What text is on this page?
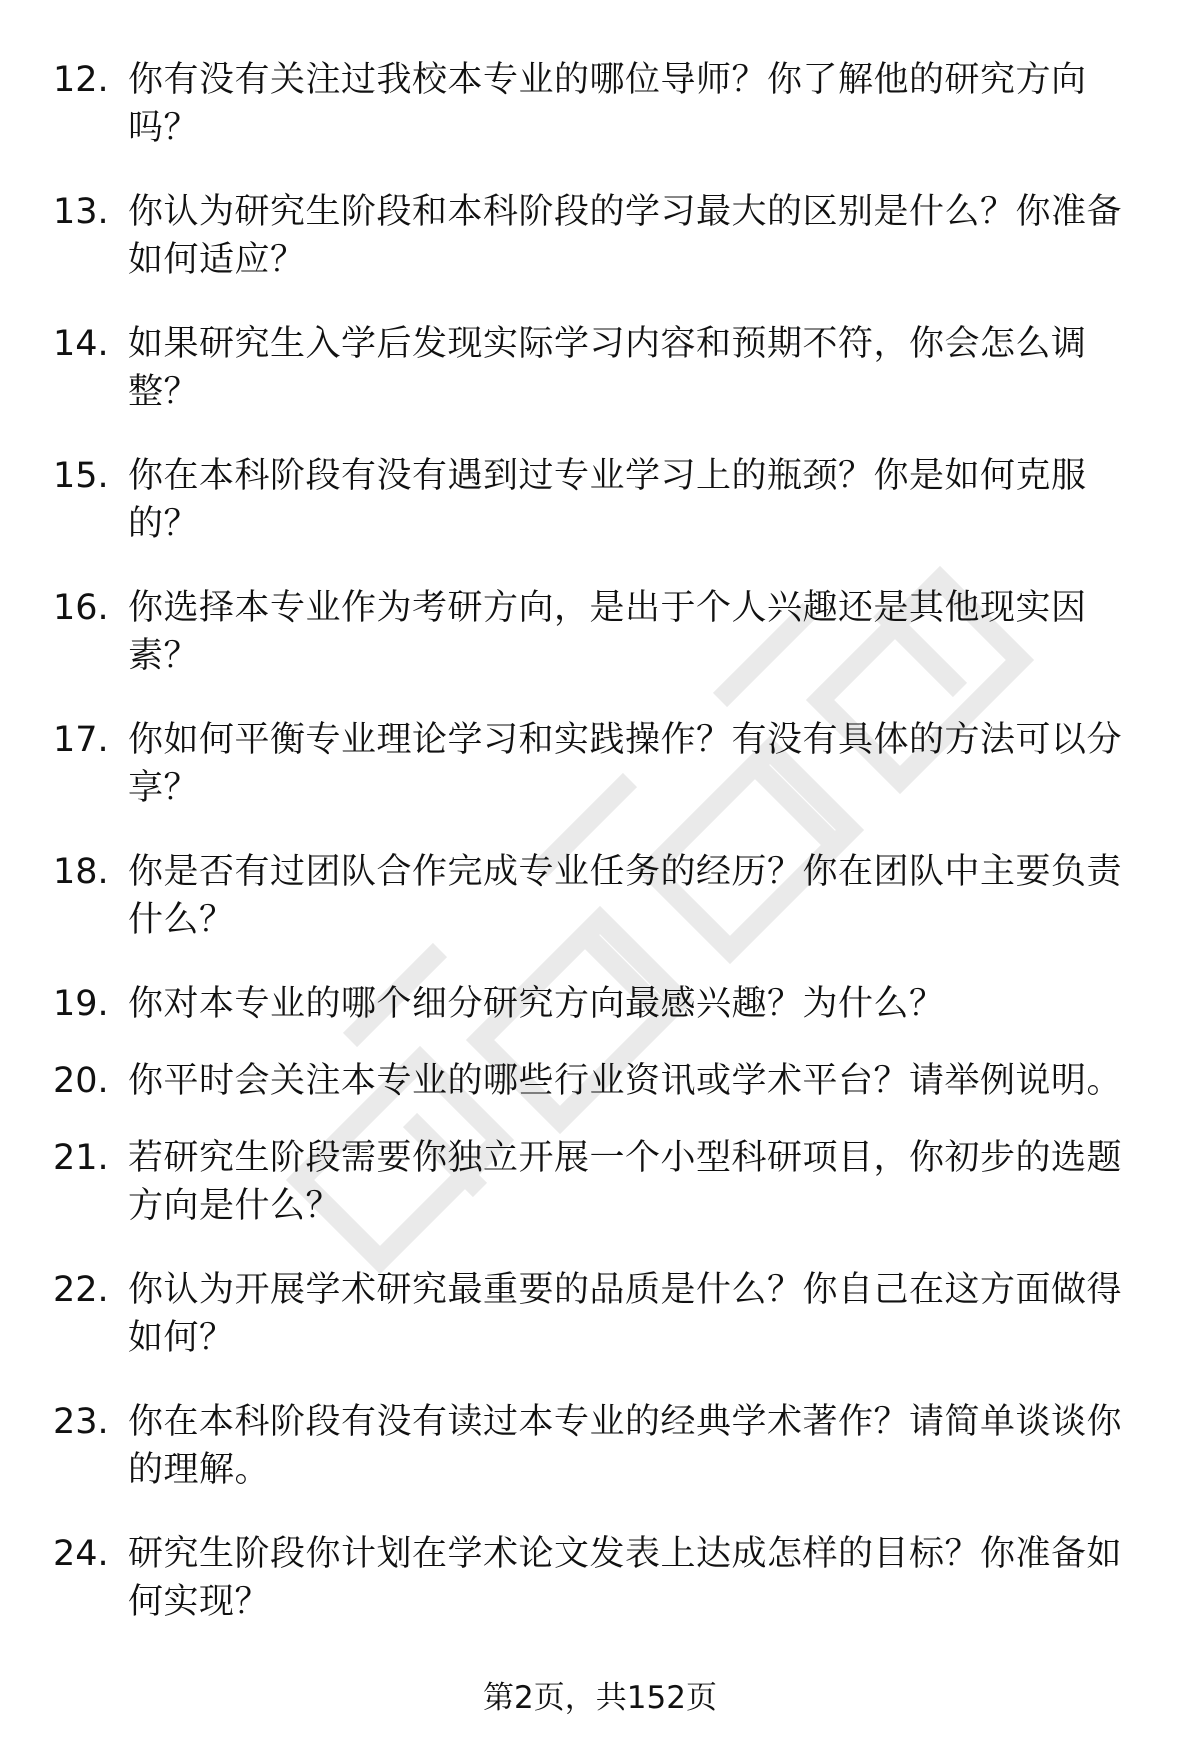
12. 你有没有关注过我校本专业的哪位导师？你了解他的研究方向吗？
13. 你认为研究生阶段和本科阶段的学习最大的区别是什么？你准备如何适应？
14. 如果研究生入学后发现实际学习内容和预期不符，你会怎么调整？
15. 你在本科阶段有没有遇到过专业学习上的瓶颈？你是如何克服的？
16. 你选择本专业作为考研方向，是出于个人兴趣还是其他现实因素？
17. 你如何平衡专业理论学习和实践操作？有没有具体的方法可以分享？
18. 你是否有过团队合作完成专业任务的经历？你在团队中主要负责什么？
19. 你对本专业的哪个细分研究方向最感兴趣？为什么？
20. 你平时会关注本专业的哪些行业资讯或学术平台？请举例说明。
21. 若研究生阶段需要你独立开展一个小型科研项目，你初步的选题方向是什么？
22. 你认为开展学术研究最重要的品质是什么？你自己在这方面做得如何？
23. 你在本科阶段有没有读过本专业的经典学术著作？请简单谈谈你的理解。
24. 研究生阶段你计划在学术论文发表上达成怎样的目标？你准备如何实现？
第2页，共152页
